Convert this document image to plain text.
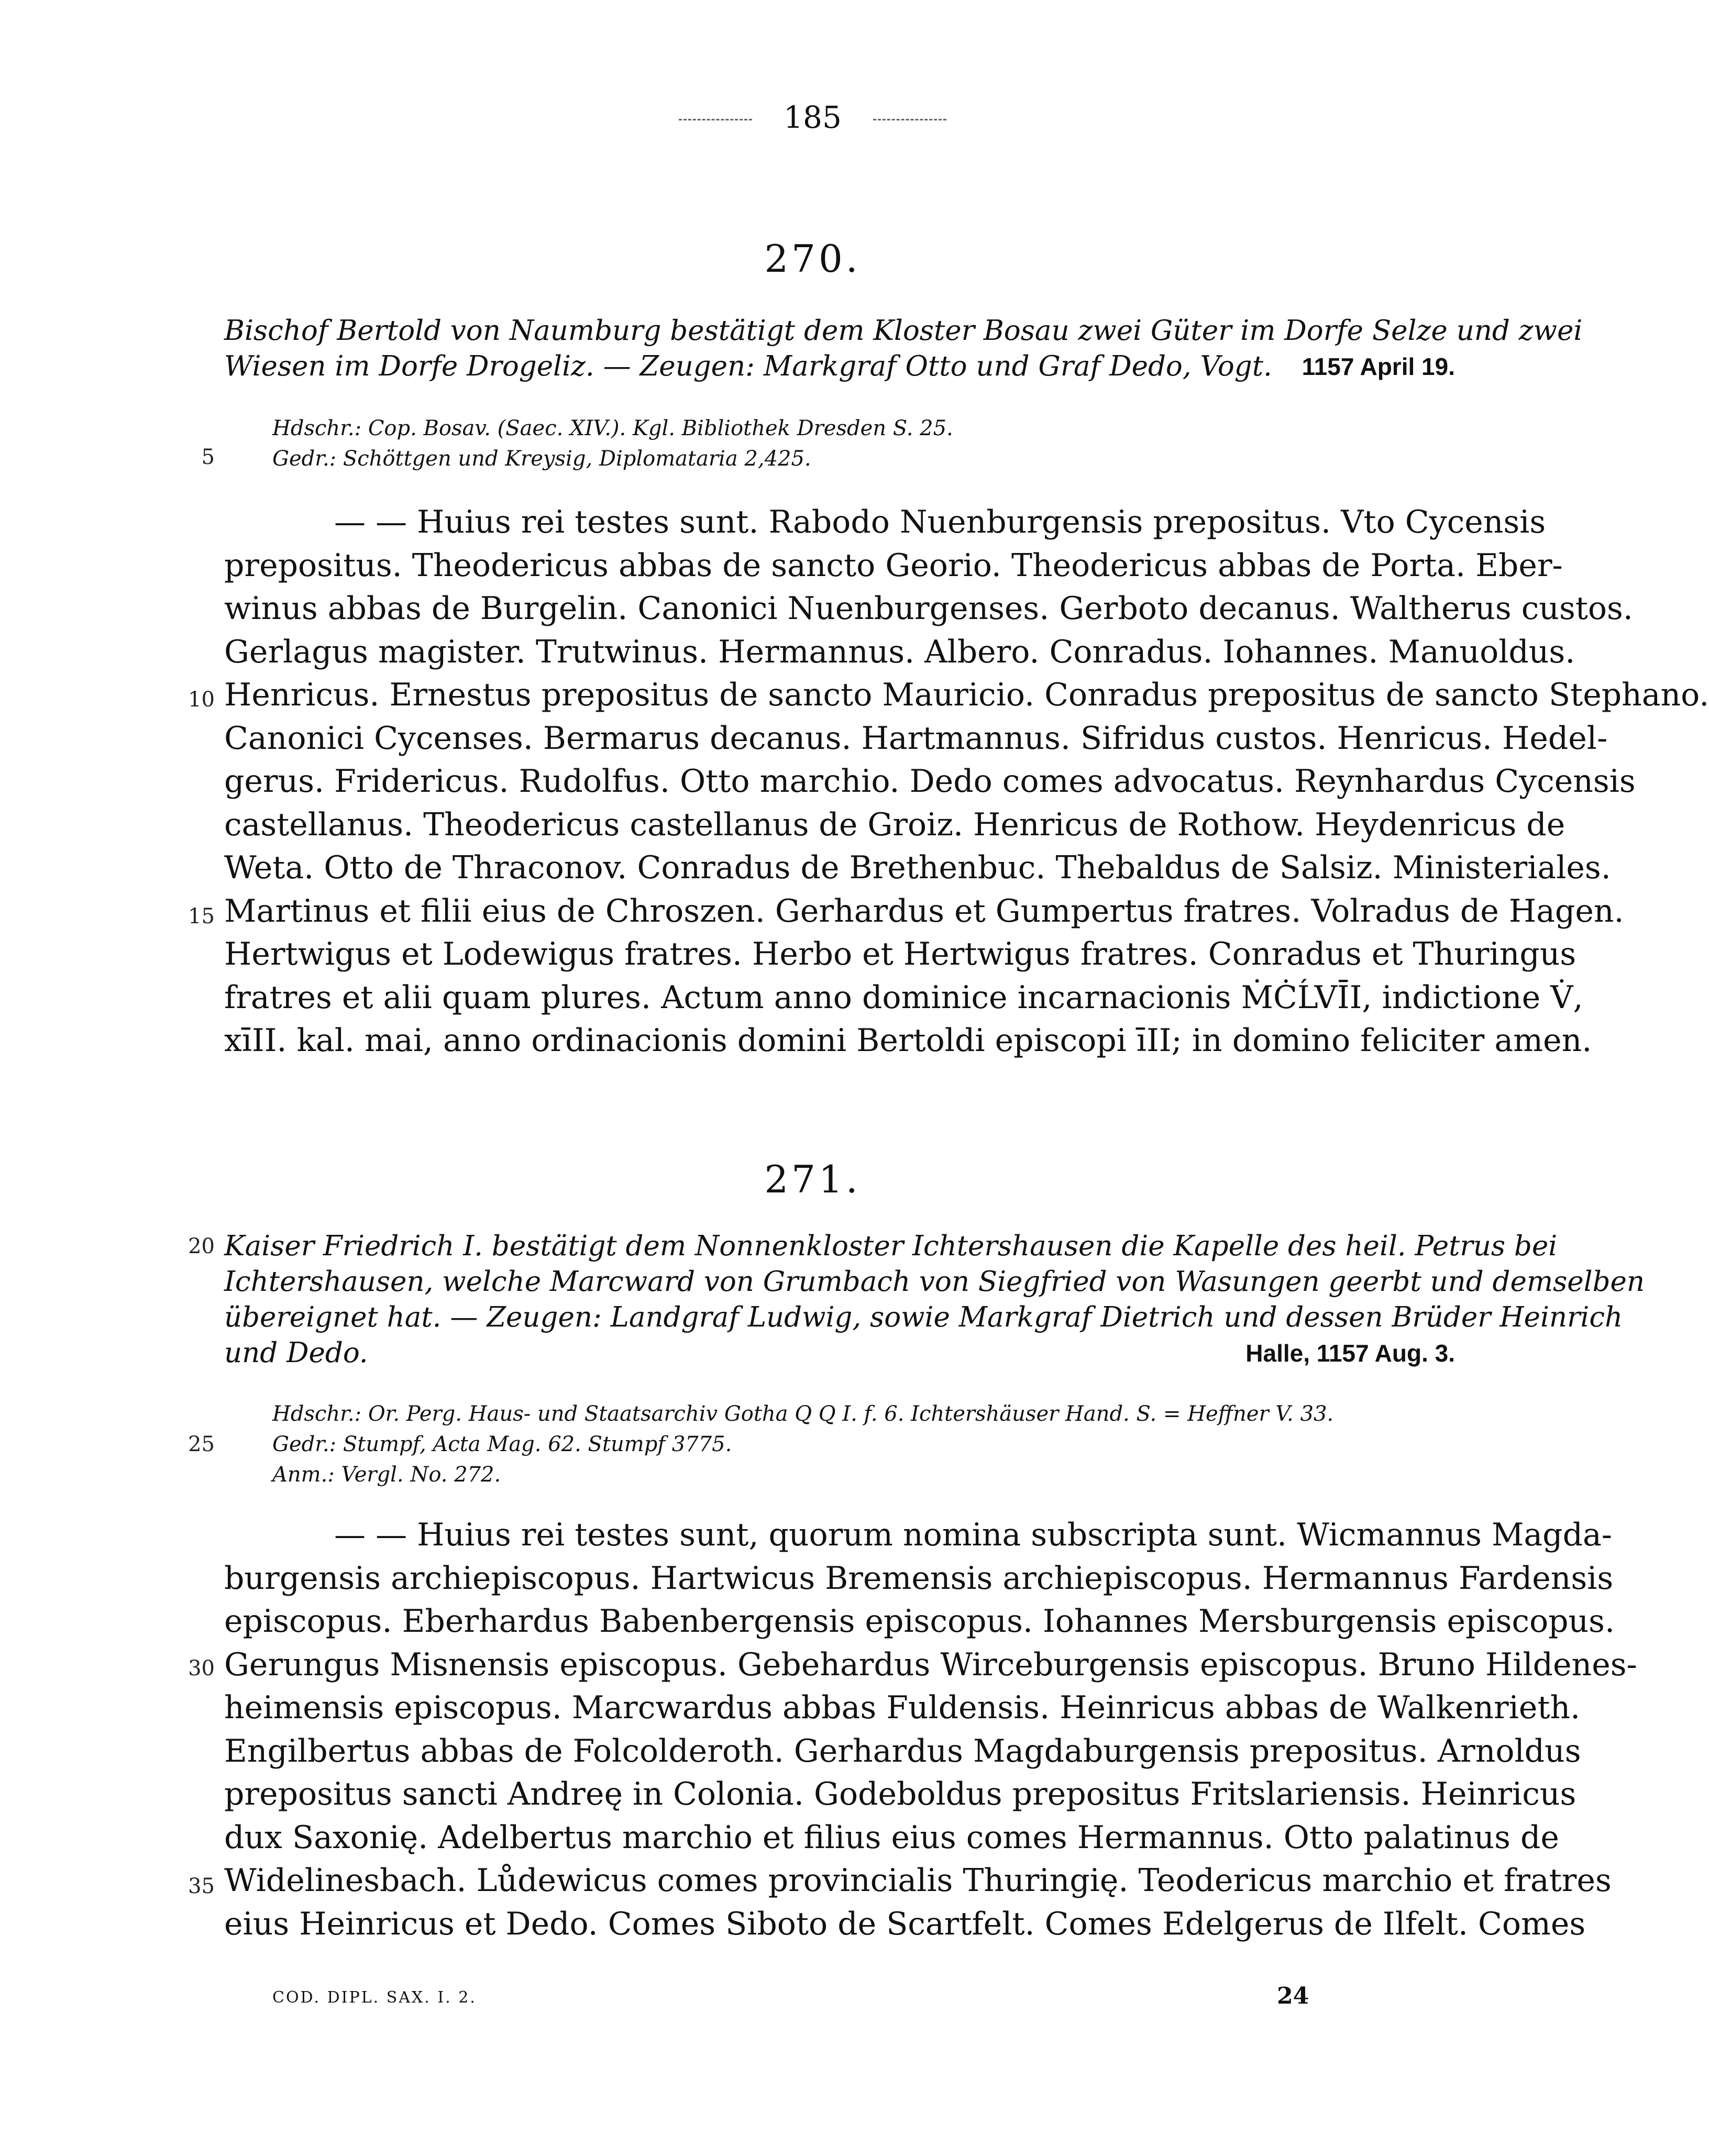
185
270.
Bischof Bertold von Naumburg bestätigt dem Kloster Bosau zwei Güter im Dorfe Selze und zwei
Wiesen im Dorfe Drogeliz. — Zeugen: Markgraf Otto und Graf Dedo, Vogt. 1157 April 19.
Hdschr.: Cop. Bosav. (Saec. XIV.). Kgl. Bibliothek Dresden S. 25.
Gedr.: Schöttgen und Kreysig, Diplomataria 2,425.
5
— — Huius rei testes sunt. Rabodo Nuenburgensis prepositus. Vto Cycensis
prepositus. Theodericus abbas de sancto Georio. Theodericus abbas de Porta. Eber-
winus abbas de Burgelin. Canonici Nuenburgenses. Gerboto decanus. Waltherus custos.
Gerlagus magister. Trutwinus. Hermannus. Albero. Conradus. Iohannes. Manuoldus.
Henricus. Ernestus prepositus de sancto Mauricio. Conradus prepositus de sancto Stephano.
Canonici Cycenses. Bermarus decanus. Hartmannus. Sifridus custos. Henricus. Hedel-
gerus. Fridericus. Rudolfus. Otto marchio. Dedo comes advocatus. Reynhardus Cycensis
castellanus. Theodericus castellanus de Groiz. Henricus de Rothow. Heydenricus de
Weta. Otto de Thraconov. Conradus de Brethenbuc. Thebaldus de Salsiz. Ministeriales.
Martinus et filii eius de Chroszen. Gerhardus et Gumpertus fratres. Volradus de Hagen.
Hertwigus et Lodewigus fratres. Herbo et Hertwigus fratres. Conradus et Thuringus
fratres et alii quam plures. Actum anno dominice incarnacionis ṀĊĹVĪI, indictione V̇,
xīII. kal. mai, anno ordinacionis domini Bertoldi episcopi īII; in domino feliciter amen.
10
15
271.
20 Kaiser Friedrich I. bestätigt dem Nonnenkloster Ichtershausen die Kapelle des heil. Petrus bei
Ichtershausen, welche Marcward von Grumbach von Siegfried von Wasungen geerbt und demselben
übereignet hat. — Zeugen: Landgraf Ludwig, sowie Markgraf Dietrich und dessen Brüder Heinrich
und Dedo.	Halle, 1157 Aug. 3.
Hdschr.: Or. Perg. Haus- und Staatsarchiv Gotha Q Q I. f. 6. Ichtershäuser Hand. S. = Heffner V. 33.
Gedr.: Stumpf, Acta Mag. 62. Stumpf 3775.
Anm.: Vergl. No. 272.
25
— — Huius rei testes sunt, quorum nomina subscripta sunt. Wicmannus Magda-
burgensis archiepiscopus. Hartwicus Bremensis archiepiscopus. Hermannus Fardensis
episcopus. Eberhardus Babenbergensis episcopus. Iohannes Mersburgensis episcopus.
Gerungus Misnensis episcopus. Gebehardus Wirceburgensis episcopus. Bruno Hildenes-
heimensis episcopus. Marcwardus abbas Fuldensis. Heinricus abbas de Walkenrieth.
Engilbertus abbas de Folcolderoth. Gerhardus Magdaburgensis prepositus. Arnoldus
prepositus sancti Andreę in Colonia. Godeboldus prepositus Fritslariensis. Heinricus
dux Saxonię. Adelbertus marchio et filius eius comes Hermannus. Otto palatinus de
Widelinesbach. Lůdewicus comes provincialis Thuringię. Teodericus marchio et fratres
eius Heinricus et Dedo. Comes Siboto de Scartfelt. Comes Edelgerus de Ilfelt. Comes
30
35
COD. DIPL. SAX. I. 2.	24
